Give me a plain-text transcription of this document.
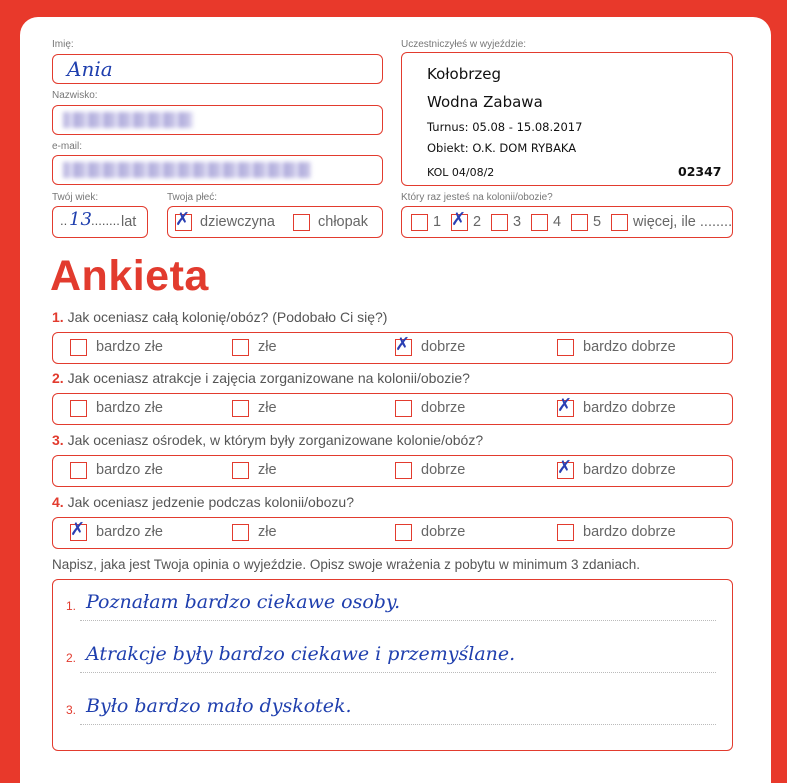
Imię:
Ania
Nazwisko:
e-mail:
Twój wiek:
.. 13 ........ lat
Twoja płeć:
✗ dziewczyna	chłopak
Uczestniczyłeś w wyjeździe:
Kołobrzeg
Wodna Zabawa
Turnus: 05.08 - 15.08.2017
Obiekt: O.K. DOM RYBAKA
KOL 04/08/2	02347
Który raz jesteś na kolonii/obozie?
1 ✗ 2 3 4 5 więcej, ile ........
Ankieta
1. Jak oceniasz całą kolonię/obóz? (Podobało Ci się?)
bardzo złe	złe	✗ dobrze	bardzo dobrze
2. Jak oceniasz atrakcje i zajęcia zorganizowane na kolonii/obozie?
bardzo złe	złe	dobrze	✗ bardzo dobrze
3. Jak oceniasz ośrodek, w którym były zorganizowane kolonie/obóz?
bardzo złe	złe	dobrze	✗ bardzo dobrze
4. Jak oceniasz jedzenie podczas kolonii/obozu?
✗ bardzo złe	złe	dobrze	bardzo dobrze
Napisz, jaka jest Twoja opinia o wyjeździe. Opisz swoje wrażenia z pobytu w minimum 3 zdaniach.
1. Poznałam bardzo ciekawe osoby.
2. Atrakcje były bardzo ciekawe i przemyślane.
3. Było bardzo mało dyskotek.
